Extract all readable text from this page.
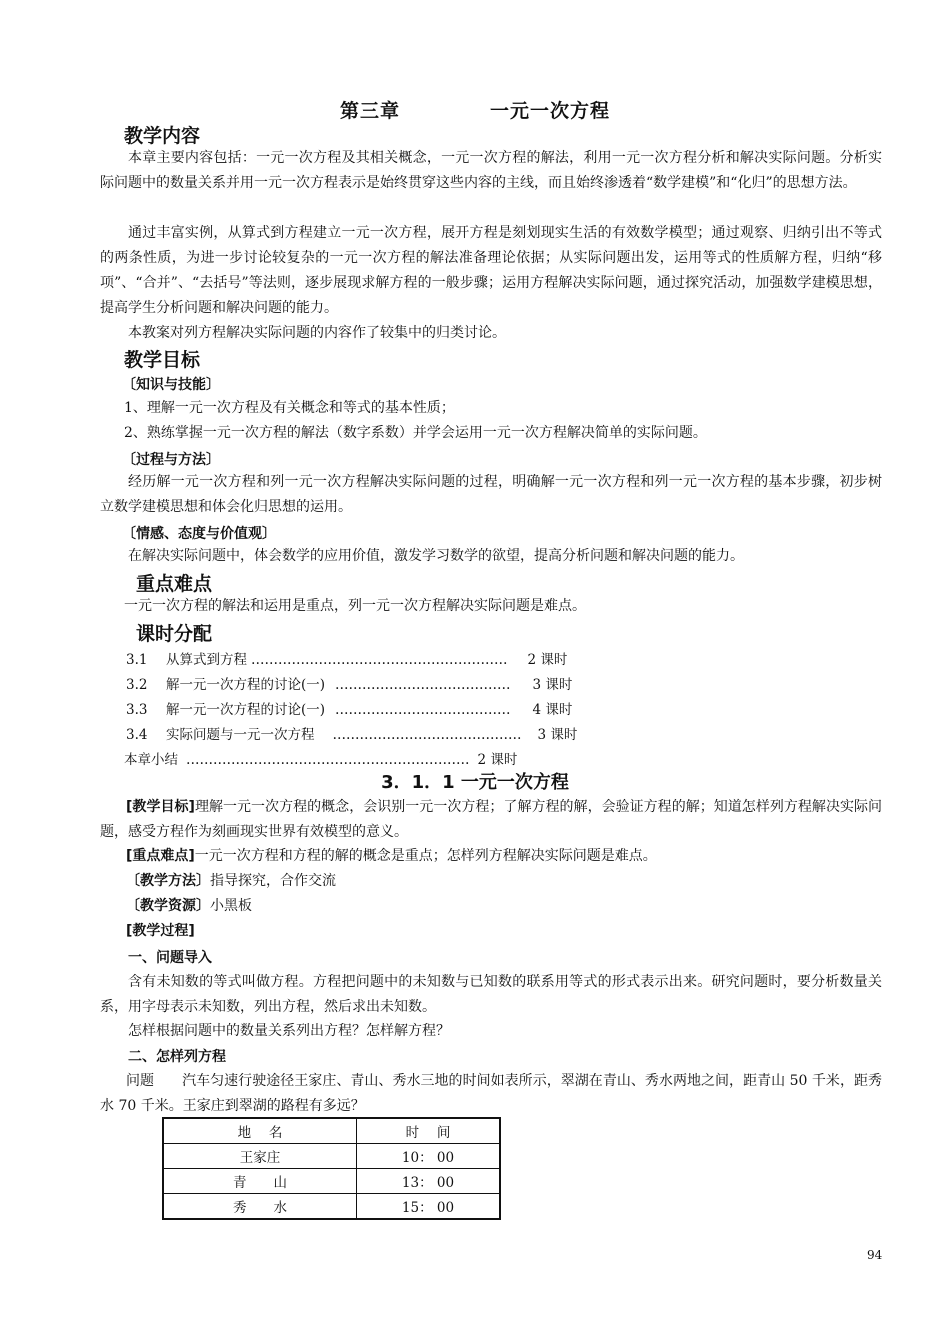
第三章	一元一次方程
教学内容

本章主要内容包括：一元一次方程及其相关概念，一元一次方程的解法，利用一元一次方程分析和解决实际问题。分析实际问题中的数量关系并用一元一次方程表示是始终贯穿这些内容的主线，而且始终渗透着“数学建模”和“化归”的思想方法。

通过丰富实例，从算式到方程建立一元一次方程，展开方程是刻划现实生活的有效数学模型；通过观察、归纳引出不等式的两条性质，为进一步讨论较复杂的一元一次方程的解法准备理论依据；从实际问题出发，运用等式的性质解方程，归纳“移项”、“合并”、“去括号”等法则，逐步展现求解方程的一般步骤；运用方程解决实际问题，通过探究活动，加强数学建模思想，提高学生分析问题和解决问题的能力。

本教案对列方程解决实际问题的内容作了较集中的归类讨论。

教学目标
〔知识与技能〕
1、理解一元一次方程及有关概念和等式的基本性质；
2、熟练掌握一元一次方程的解法（数字系数）并学会运用一元一次方程解决简单的实际问题。
〔过程与方法〕

经历解一元一次方程和列一元一次方程解决实际问题的过程，明确解一元一次方程和列一元一次方程的基本步骤，初步树立数学建模思想和体会化归思想的运用。

〔情感、态度与价值观〕
在解决实际问题中，体会数学的应用价值，激发学习数学的欲望，提高分析问题和解决问题的能力。
重点难点
一元一次方程的解法和运用是重点，列一元一次方程解决实际问题是难点。
课时分配
3.1 从算式到方程 ………………………………………………… 2 课时
3.2 解一元一次方程的讨论(一) ………………………………… 3 课时
3.3 解一元一次方程的讨论(一) ………………………………… 4 课时
3.4 实际问题与一元一次方程 …………………………………… 3 课时
本章小结 ……………………………………………………… 2 课时
3．1．1 一元一次方程

[教学目标]理解一元一次方程的概念，会识别一元一次方程；了解方程的解，会验证方程的解；知道怎样列方程解决实际问题，感受方程作为刻画现实世界有效模型的意义。

[重点难点]一元一次方程和方程的解的概念是重点；怎样列方程解决实际问题是难点。
〔教学方法〕指导探究，合作交流
〔教学资源〕小黑板
[教学过程]
一、问题导入

含有未知数的等式叫做方程。方程把问题中的未知数与已知数的联系用等式的形式表示出来。研究问题时，要分析数量关系，用字母表示未知数，列出方程，然后求出未知数。

怎样根据问题中的数量关系列出方程？怎样解方程？
二、怎样列方程

问题 汽车匀速行驶途径王家庄、青山、秀水三地的时间如表所示，翠湖在青山、秀水两地之间，距青山 50 千米，距秀水 70 千米。王家庄到翠湖的路程有多远？

地　 名	时　 间
王家庄	10： 00
青　　山	13： 00
秀　　水	15： 00
94
